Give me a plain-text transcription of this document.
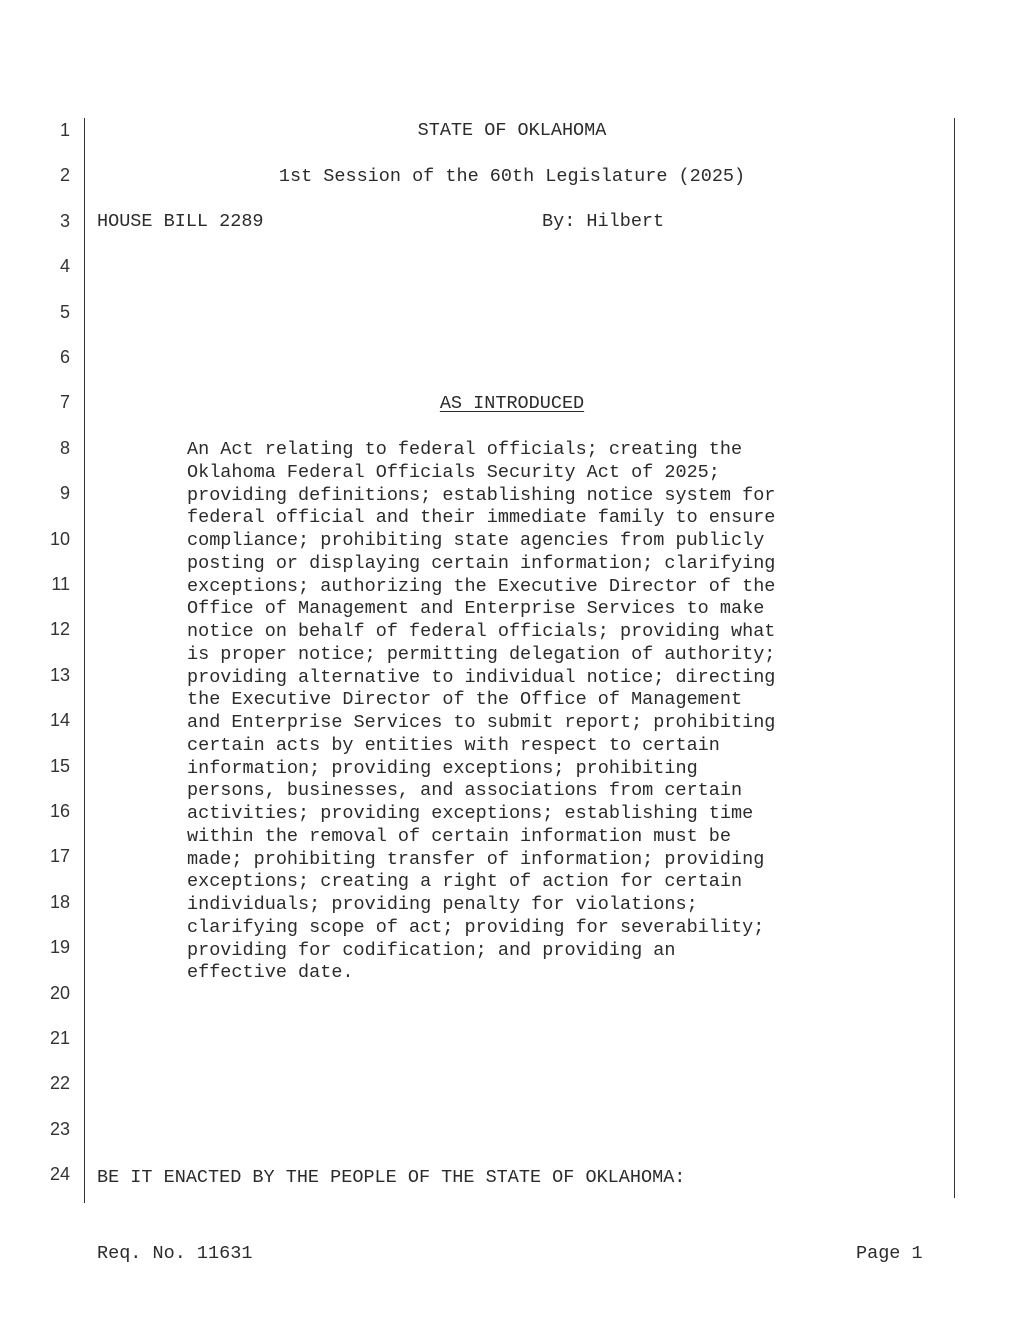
1
2
3
4
5
6
7
8
9
10
11
12
13
14
15
16
17
18
19
20
21
22
23
24
STATE OF OKLAHOMA
1st Session of the 60th Legislature (2025)
HOUSE BILL 2289	By: Hilbert
AS INTRODUCED
An Act relating to federal officials; creating the
Oklahoma Federal Officials Security Act of 2025;
providing definitions; establishing notice system for
federal official and their immediate family to ensure
compliance; prohibiting state agencies from publicly
posting or displaying certain information; clarifying
exceptions; authorizing the Executive Director of the
Office of Management and Enterprise Services to make
notice on behalf of federal officials; providing what
is proper notice; permitting delegation of authority;
providing alternative to individual notice; directing
the Executive Director of the Office of Management
and Enterprise Services to submit report; prohibiting
certain acts by entities with respect to certain
information; providing exceptions; prohibiting
persons, businesses, and associations from certain
activities; providing exceptions; establishing time
within the removal of certain information must be
made; prohibiting transfer of information; providing
exceptions; creating a right of action for certain
individuals; providing penalty for violations;
clarifying scope of act; providing for severability;
providing for codification; and providing an
effective date.
BE IT ENACTED BY THE PEOPLE OF THE STATE OF OKLAHOMA:
Req. No. 11631	Page 1
